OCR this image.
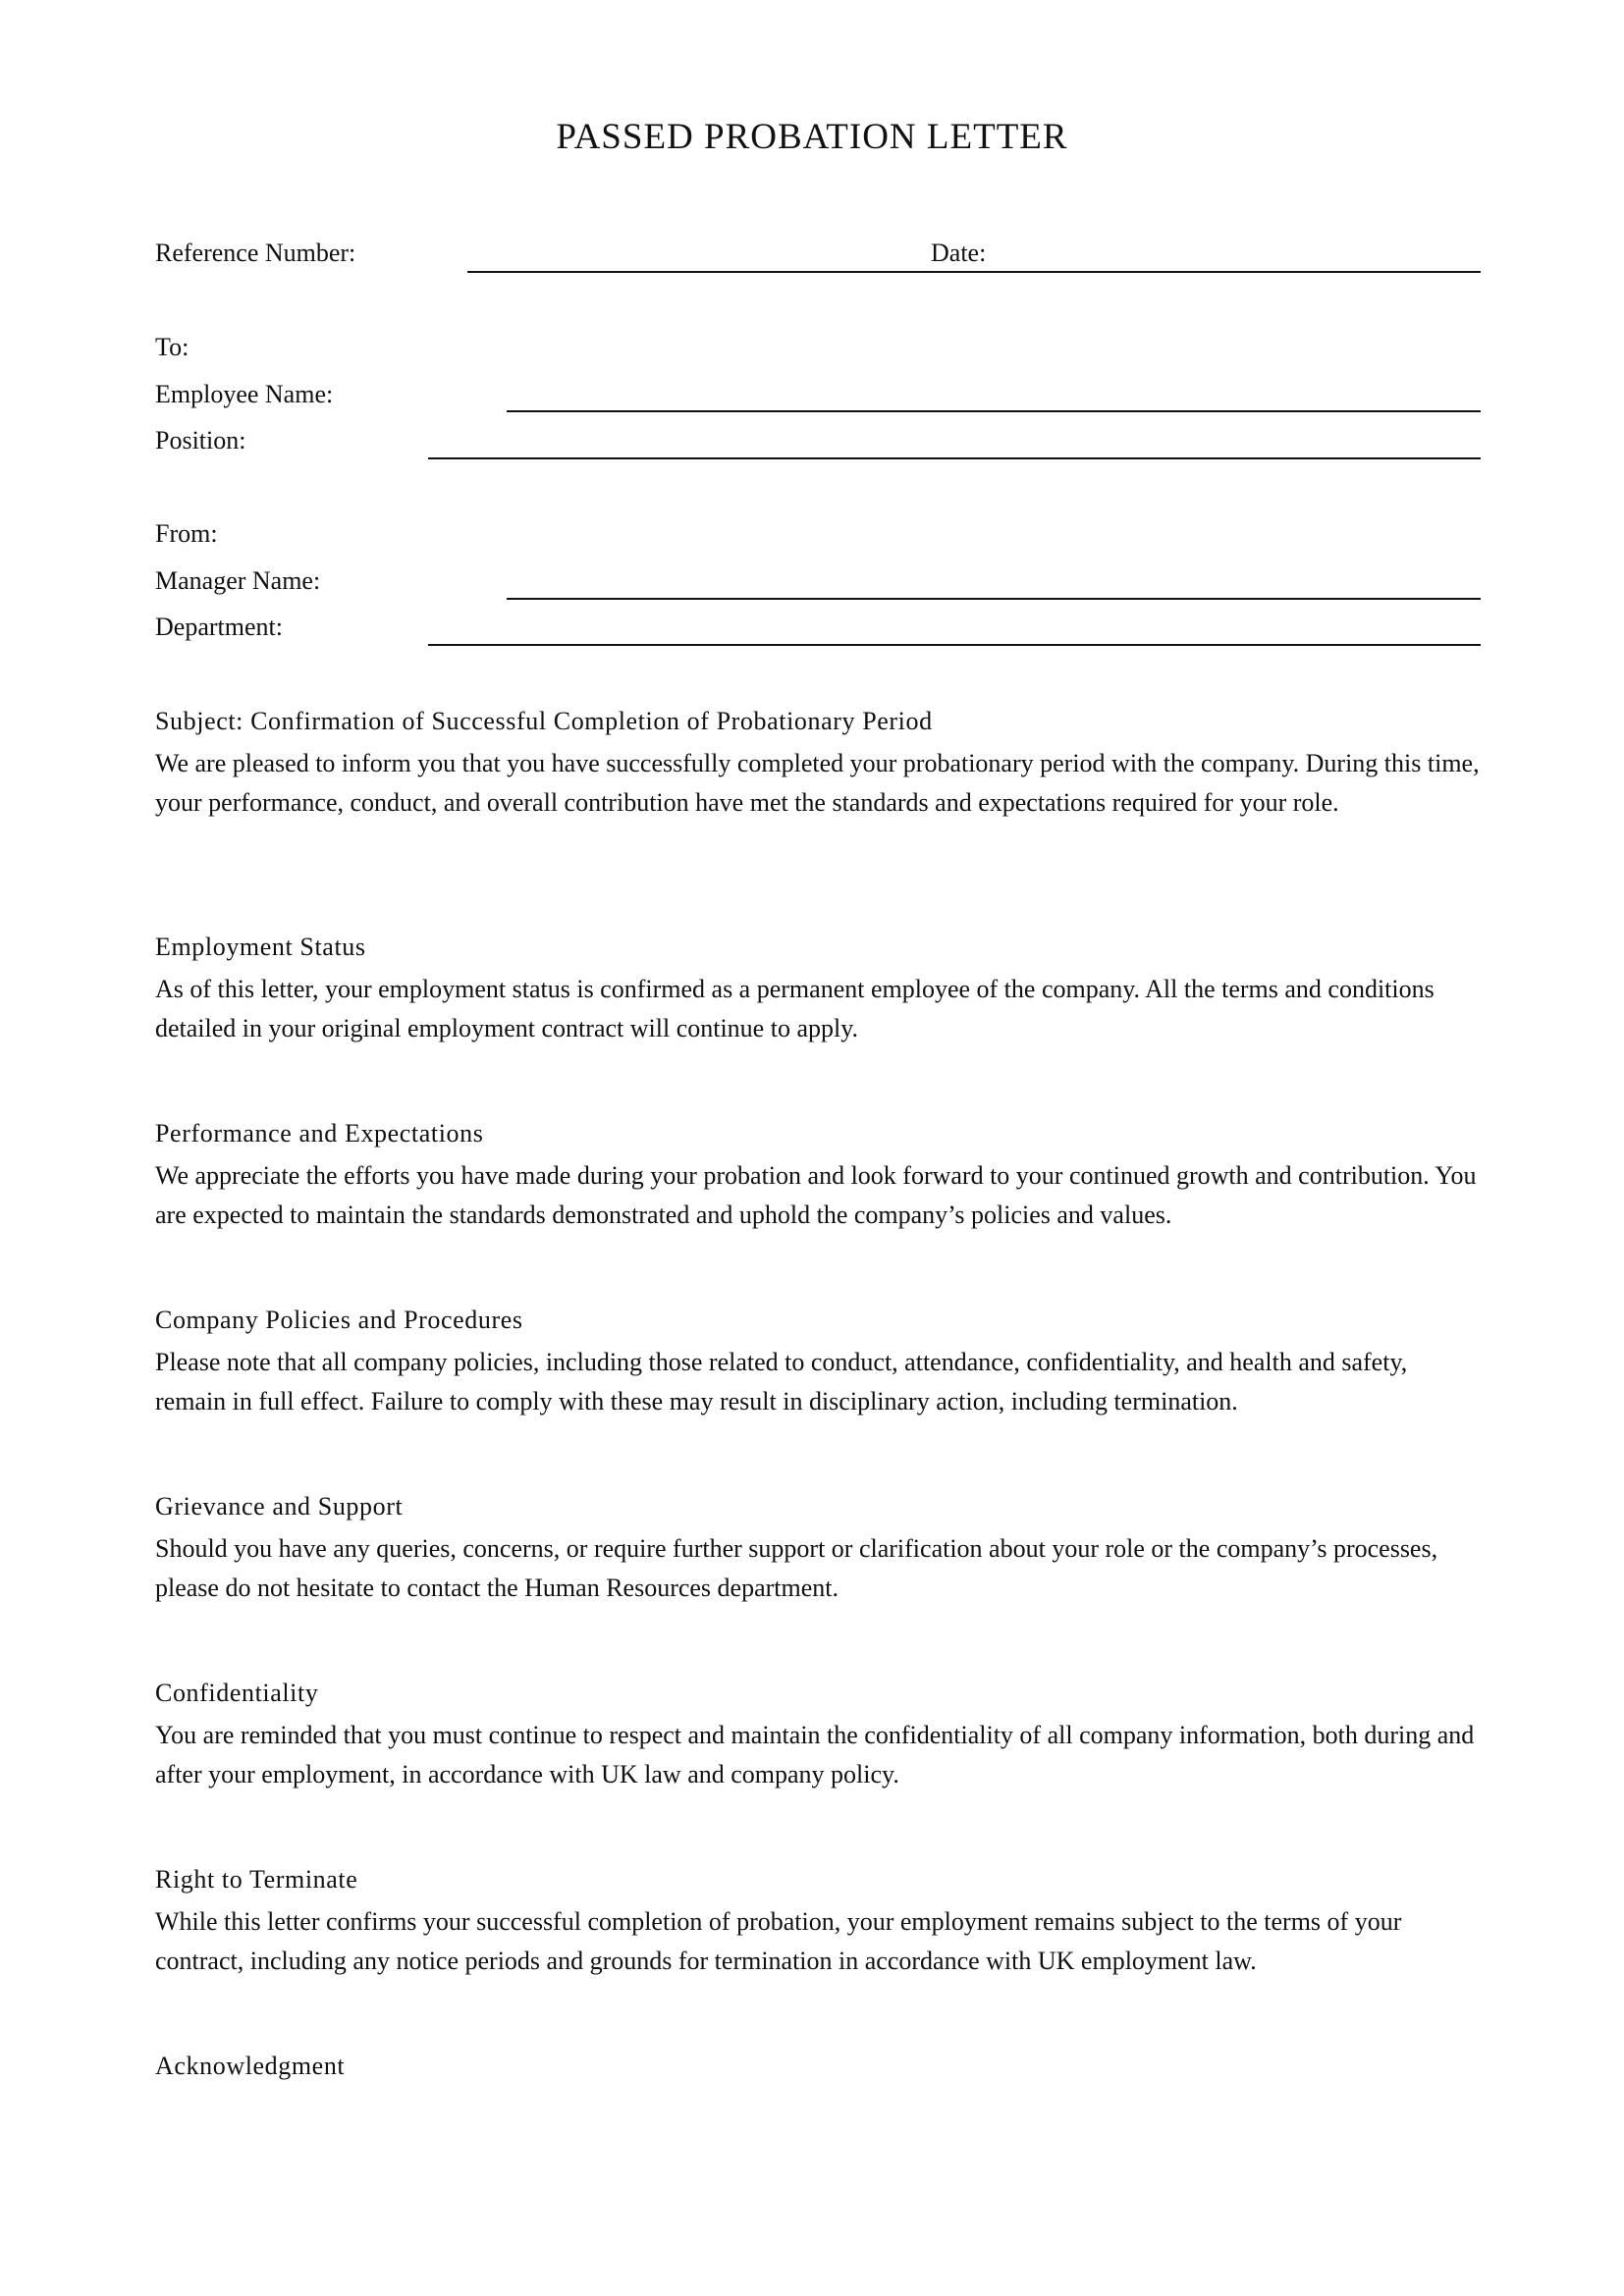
PASSED PROBATION LETTER
Reference Number:	Date:
To:
Employee Name:
Position:
From:
Manager Name:
Department:

Subject: Confirmation of Successful Completion of Probationary Period

We are pleased to inform you that you have successfully completed your probationary period with the company. During this time, your performance, conduct, and overall contribution have met the standards and expectations required for your role.

Employment Status

As of this letter, your employment status is confirmed as a permanent employee of the company. All the terms and conditions detailed in your original employment contract will continue to apply.

Performance and Expectations

We appreciate the efforts you have made during your probation and look forward to your continued growth and contribution. You are expected to maintain the standards demonstrated and uphold the company’s policies and values.

Company Policies and Procedures

Please note that all company policies, including those related to conduct, attendance, confidentiality, and health and safety, remain in full effect. Failure to comply with these may result in disciplinary action, including termination.

Grievance and Support

Should you have any queries, concerns, or require further support or clarification about your role or the company’s processes, please do not hesitate to contact the Human Resources department.

Confidentiality

You are reminded that you must continue to respect and maintain the confidentiality of all company information, both during and after your employment, in accordance with UK law and company policy.

Right to Terminate

While this letter confirms your successful completion of probation, your employment remains subject to the terms of your contract, including any notice periods and grounds for termination in accordance with UK employment law.

Acknowledgment
